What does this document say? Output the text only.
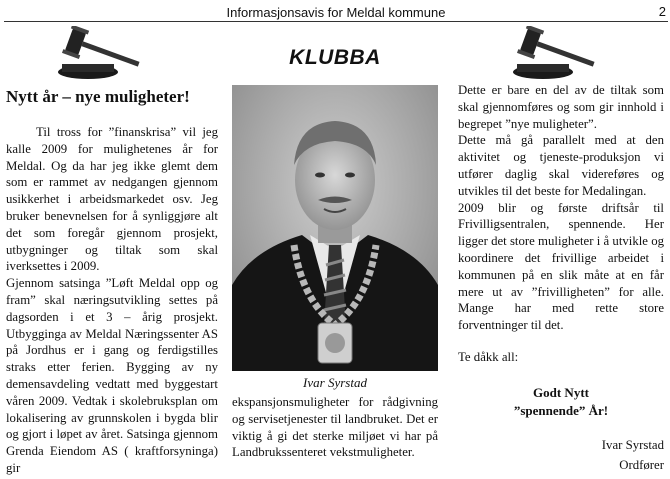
Informasjonsavis for Meldal kommune	2
KLUBBA
Nytt år – nye muligheter!

Til tross for ”finanskrisa” vil jeg kalle 2009 for mulighetenes år for Meldal. Og da har jeg ikke glemt dem som er rammet av nedgangen gjennom usikkerhet i arbeidsmarkedet osv. Jeg bruker benevnelsen for å synliggjøre alt det som foregår gjennom prosjekt, utbygninger og tiltak som skal iverksettes i 2009.

Gjennom satsinga ”Løft Meldal opp og fram” skal næringsutvikling settes på dagsorden i et 3 – årig prosjekt. Utbygginga av Meldal Næringssenter AS på Jordhus er i gang og ferdigstilles straks etter ferien. Bygging av ny demensavdeling vedtatt med byggestart våren 2009. Vedtak i skolebruksplan om lokalisering av grunnskolen i bygda blir og gjort i løpet av året. Satsinga gjennom Grenda Eiendom AS ( kraftforsyninga) gir

Ivar Syrstad

ekspansjonsmuligheter for rådgivning og servisetjenester til landbruket. Det er viktig å gi det sterke miljøet vi har på Landbrukssenteret vekstmuligheter.

Dette er bare en del av de tiltak som skal gjennomføres og som gir innhold i begrepet ”nye muligheter”.

Dette må gå parallelt med at den aktivitet og tjeneste-produksjon vi utfører daglig skal videreføres og utvikles til det beste for Medalingan.

2009 blir og første driftsår til Frivilligsentralen, spennende. Her ligger det store muligheter i å utvikle og koordinere det frivillige arbeidet i kommunen på en slik måte at en får mere ut av ”frivilligheten” for alle. Mange har med rette store forventninger til det.

Te dåkk all:
Godt Nytt
”spennende” År!
Ivar Syrstad
Ordfører
